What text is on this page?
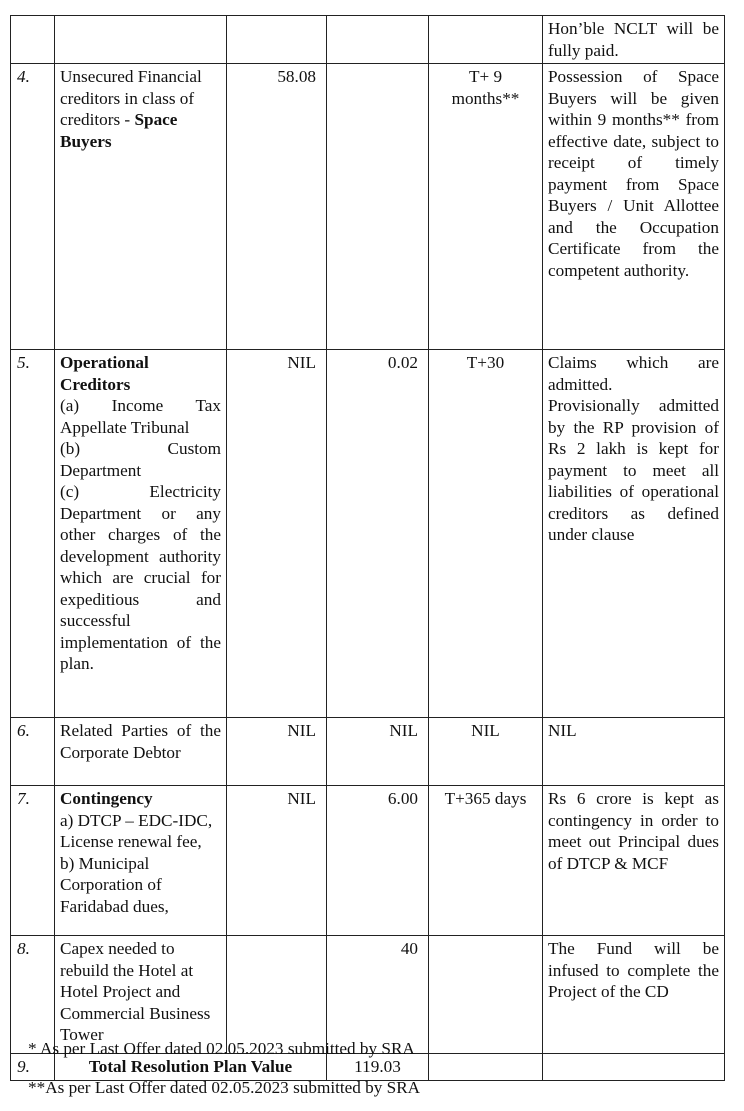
					Hon’ble NCLT will be fully paid.
4.	Unsecured Financial creditors in class of creditors - Space Buyers	58.08		T+ 9 months**	Possession of Space Buyers will be given within 9 months** from effective date, subject to receipt of timely payment from Space Buyers / Unit Allottee and the Occupation Certificate from the competent authority.
5.	Operational Creditors
(a) Income Tax Appellate Tribunal
(b) Custom Department
(c) Electricity Department or any other charges of the development authority which are crucial for expeditious and successful implementation of the plan.	NIL	0.02	T+30	Claims which are admitted.
Provisionally admitted by the RP provision of Rs 2 lakh is kept for payment to meet all liabilities of operational creditors as defined under clause

6.	Related Parties of the Corporate Debtor	NIL	NIL	NIL	NIL
7.	Contingency
a) DTCP – EDC-IDC, License renewal fee,
b) Municipal Corporation of Faridabad dues,	NIL	6.00	T+365 days	Rs 6 crore is kept as contingency in order to meet out Principal dues of DTCP & MCF
8.	Capex needed to rebuild the Hotel at Hotel Project and Commercial Business Tower		40		The Fund will be infused to complete the Project of the CD
9.	Total Resolution Plan Value		119.03		
* As per Last Offer dated 02.05.2023 submitted by SRA
**As per Last Offer dated 02.05.2023 submitted by SRA
